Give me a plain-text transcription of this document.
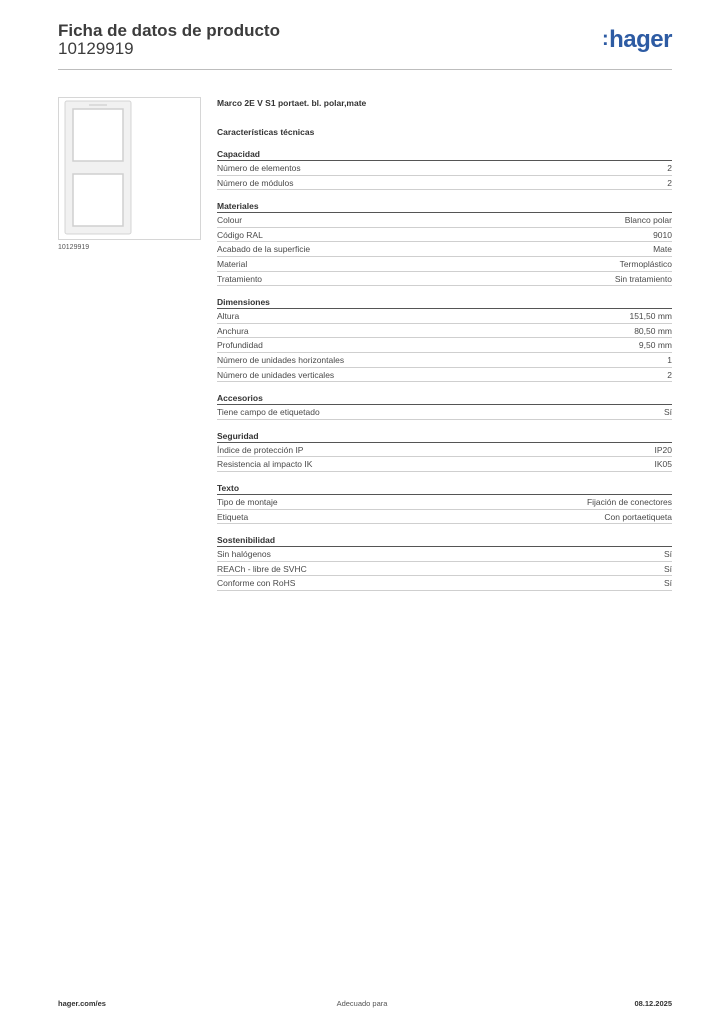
Ficha de datos de producto
10129919	:hager
10129919
Marco 2E V S1 portaet. bl. polar,mate
Características técnicas
Capacidad
Número de elementos	2
Número de módulos	2
Materiales
Colour	Blanco polar
Código RAL	9010
Acabado de la superficie	Mate
Material	Termoplástico
Tratamiento	Sin tratamiento
Dimensiones
Altura	151,50 mm
Anchura	80,50 mm
Profundidad	9,50 mm
Número de unidades horizontales	1
Número de unidades verticales	2
Accesorios
Tiene campo de etiquetado	Sí
Seguridad
Índice de protección IP	IP20
Resistencia al impacto IK	IK05
Texto
Tipo de montaje	Fijación de conectores
Etiqueta	Con portaetiqueta
Sostenibilidad
Sin halógenos	Sí
REACh - libre de SVHC	Sí
Conforme con RoHS	Sí
hager.com/es	Adecuado para	08.12.2025
